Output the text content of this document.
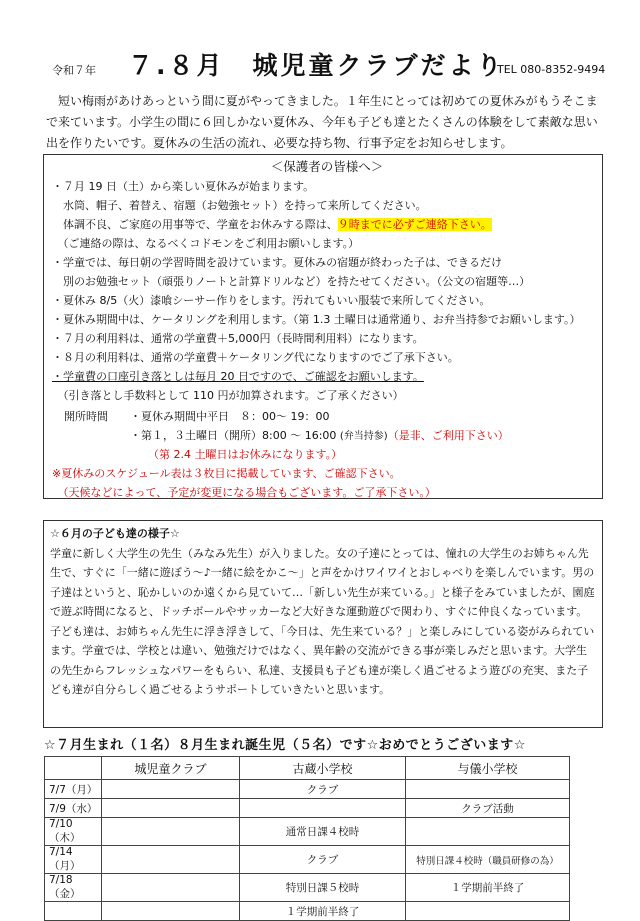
令和７年 ７.８月　城児童クラブだより
TEL 080-8352-9494

短い梅雨があけあっという間に夏がやってきました。１年生にとっては初めての夏休みがもうそこまで来ています。小学生の間に６回しかない夏休み、今年も子ども達とたくさんの体験をして素敵な思い出を作りたいです。夏休みの生活の流れ、必要な持ち物、行事予定をお知らせします。

＜保護者の皆様へ＞
・７月 19 日（土）から楽しい夏休みが始まります。
　水筒、帽子、着替え、宿題（お勉強セット）を持って来所してください。
　体調不良、ご家庭の用事等で、学童をお休みする際は、９時までに必ずご連絡下さい。
　（ご連絡の際は、なるべくコドモンをご利用お願いします。）
・学童では、毎日朝の学習時間を設けています。夏休みの宿題が終わった子は、できるだけ
　別のお勉強セット（頑張りノートと計算ドリルなど）を持たせてください。（公文の宿題等…）
・夏休み 8/5（火）漆喰シーサー作りをします。汚れてもいい服装で来所してください。
・夏休み期間中は、ケータリングを利用します。（第 1.3 土曜日は通常通り、お弁当持参でお願いします。）
・７月の利用料は、通常の学童費＋5,000円（長時間利用料）になります。
・８月の利用料は、通常の学童費＋ケータリング代になりますのでご了承下さい。
・学童費の口座引き落としは毎月 20 日ですので、ご確認をお願いします。
　（引き落とし手数料として 110 円が加算されます。ご了承ください）
開所時間 ・夏休み期間中平日　８：00～ 19：00
・第１，３土曜日（開所）8:00 ～ 16:00 (弁当持参)（是非、ご利用下さい）
（第 2.4 土曜日はお休みになります。）
※夏休みのスケジュール表は３枚目に掲載しています、ご確認下さい。
　（天候などによって、予定が変更になる場合もございます。ご了承下さい。）

☆６月の子ども達の様子☆

学童に新しく大学生の先生（みなみ先生）が入りました。女の子達にとっては、憧れの大学生のお姉ちゃん先生で、すぐに「一緒に遊ぼう～♪一緒に絵をかこ～」と声をかけワイワイとおしゃべりを楽しんでいます。男の子達はというと、恥かしいのか遠くから見ていて…「新しい先生が来ている。」と様子をみていましたが、園庭で遊ぶ時間になると、ドッチボールやサッカーなど大好きな運動遊びで関わり、すぐに仲良くなっています。子ども達は、お姉ちゃん先生に浮き浮きして、「今日は、先生来ている？」と楽しみにしている姿がみられています。学童では、学校とは違い、勉強だけではなく、異年齢の交流ができる事が楽しみだと思います。大学生の先生からフレッシュなパワーをもらい、私達、支援員も子ども達が楽しく過ごせるよう遊びの充実、また子ども達が自分らしく過ごせるようサポートしていきたいと思います。

☆７月生まれ（１名）８月生まれ誕生児（５名）です☆おめでとうございます☆
	城児童クラブ	古蔵小学校	与儀小学校
7/7（月）		クラブ	
7/9（水）			クラブ活動
7/10（木）		通常日課４校時	
7/14（月）		クラブ	特別日課４校時（職員研修の為）
7/18（金）		特別日課５校時	１学期前半終了
		１学期前半終了	
